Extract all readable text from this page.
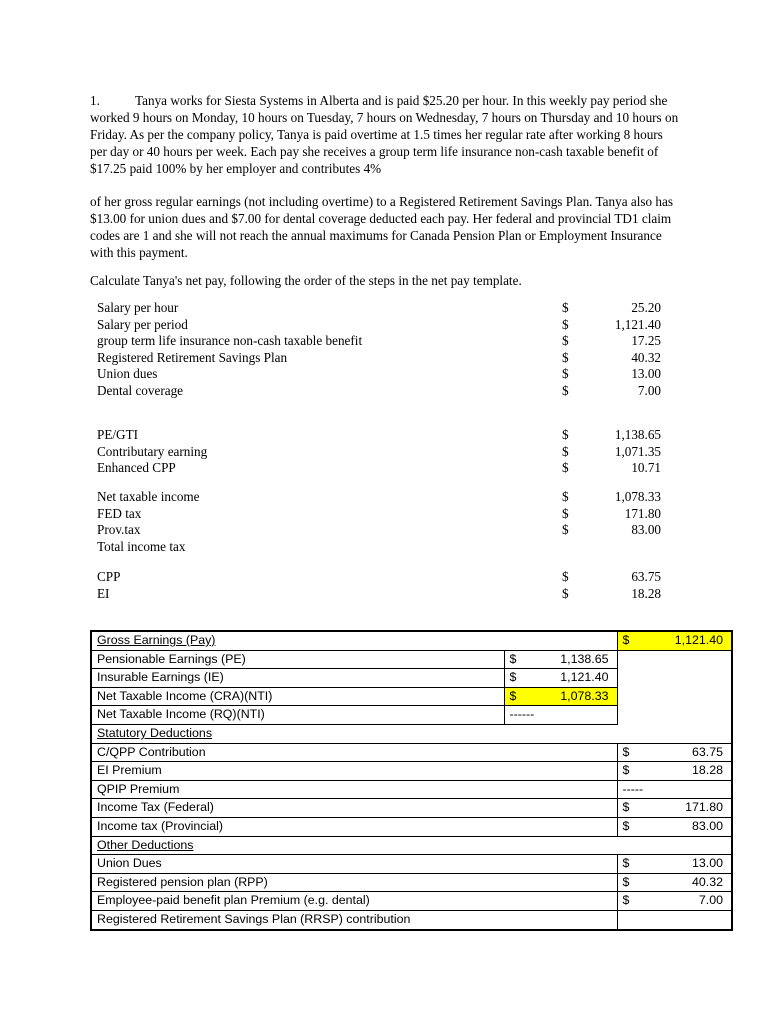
1.	Tanya works for Siesta Systems in Alberta and is paid $25.20 per hour. In this weekly pay period she worked 9 hours on Monday, 10 hours on Tuesday, 7 hours on Wednesday, 7 hours on Thursday and 10 hours on Friday. As per the company policy, Tanya is paid overtime at 1.5 times her regular rate after working 8 hours per day or 40 hours per week. Each pay she receives a group term life insurance non-cash taxable benefit of $17.25 paid 100% by her employer and contributes 4%

of her gross regular earnings (not including overtime) to a Registered Retirement Savings Plan. Tanya also has $13.00 for union dues and $7.00 for dental coverage deducted each pay. Her federal and provincial TD1 claim codes are 1 and she will not reach the annual maximums for Canada Pension Plan or Employment Insurance with this payment.

Calculate Tanya's net pay, following the order of the steps in the net pay template.

Salary per hour	$	25.20
Salary per period	$	1,121.40
group term life insurance non-cash taxable benefit	$	17.25
Registered Retirement Savings Plan	$	40.32
Union dues	$	13.00
Dental coverage	$	7.00
PE/GTI	$	1,138.65
Contributary earning	$	1,071.35
Enhanced CPP	$	10.71
Net taxable income	$	1,078.33
FED tax	$	171.80
Prov.tax	$	83.00
Total income tax
CPP	$	63.75
EI	$	18.28
Gross Earnings (Pay)		$ 1,121.40

Pensionable Earnings (PE)	$ 1,138.65	

Insurable Earnings (IE)	$ 1,121.40	

Net Taxable Income (CRA)(NTI)	$ 1,078.33	

Net Taxable Income (RQ)(NTI)	------	
Statutory Deductions		
C/QPP Contribution		$ 63.75

EI Premium		$ 18.28

QPIP Premium		-----
Income Tax (Federal)		$ 171.80

Income tax (Provincial)		$ 83.00

Other Deductions		
Union Dues		$ 13.00

Registered pension plan (RPP)		$ 40.32

Employee-paid benefit plan Premium (e.g. dental)		$ 7.00

Registered Retirement Savings Plan (RRSP) contribution		
